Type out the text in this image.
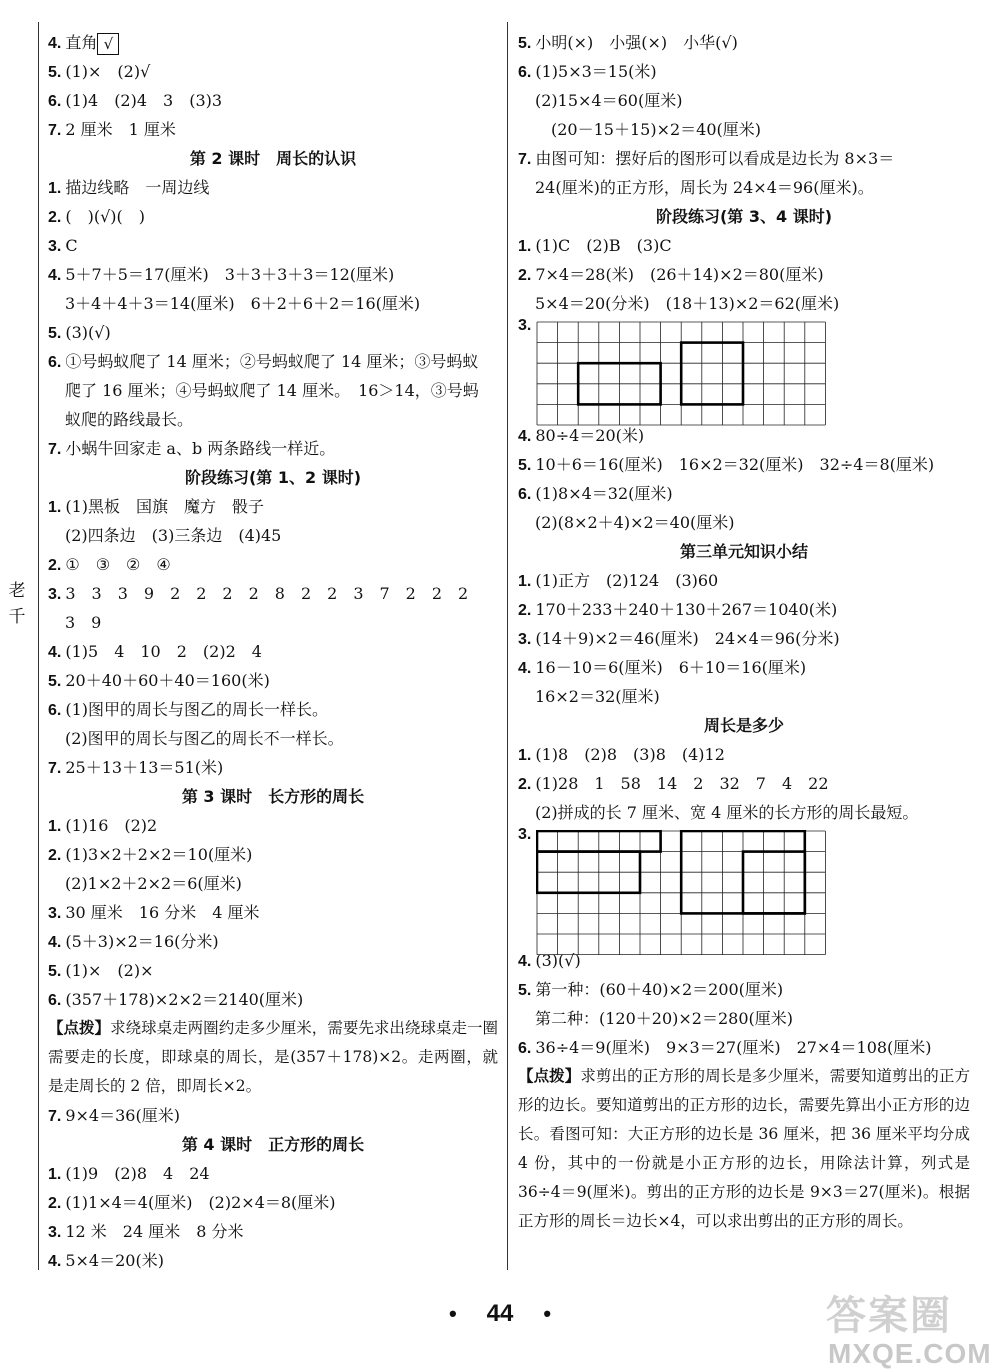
老千
4. 直角 √
5. (1)×　(2)√
6. (1)4　(2)4　3　(3)3
7. 2 厘米　1 厘米
第 2 课时　周长的认识
1. 描边线略　一周边线
2. (　)(√)(　)
3. C
4. 5＋7＋5＝17(厘米)　3＋3＋3＋3＝12(厘米)
3＋4＋4＋3＝14(厘米)　6＋2＋6＋2＝16(厘米)
5. (3)(√)
6. ①号蚂蚁爬了 14 厘米；②号蚂蚁爬了 14 厘米；③号蚂蚁
爬了 16 厘米；④号蚂蚁爬了 14 厘米。　16＞14，③号蚂
蚁爬的路线最长。
7. 小蜗牛回家走 a、b 两条路线一样近。
阶段练习(第 1、2 课时)
1. (1)黑板　国旗　魔方　骰子
(2)四条边　(3)三条边　(4)45
2. ①　③　②　④
3. 3　3　3　9　2　2　2　2　8　2　2　3　7　2　2　2
3　9
4. (1)5　4　10　2　(2)2　4
5. 20＋40＋60＋40＝160(米)
6. (1)图甲的周长与图乙的周长一样长。
(2)图甲的周长与图乙的周长不一样长。
7. 25＋13＋13＝51(米)
第 3 课时　长方形的周长
1. (1)16　(2)2
2. (1)3×2＋2×2＝10(厘米)
(2)1×2＋2×2＝6(厘米)
3. 30 厘米　16 分米　4 厘米
4. (5＋3)×2＝16(分米)
5. (1)×　(2)×
6. (357＋178)×2×2＝2140(厘米)
【点拨】求绕球桌走两圈约走多少厘米，需要先求出绕球桌走一圈需要走的长度，即球桌的周长，是(357＋178)×2。走两圈，就是走周长的 2 倍，即周长×2。
7. 9×4＝36(厘米)
第 4 课时　正方形的周长
1. (1)9　(2)8　4　24
2. (1)1×4＝4(厘米)　(2)2×4＝8(厘米)
3. 12 米　24 厘米　8 分米
4. 5×4＝20(米)
5. 小明(×)　小强(×)　小华(√)
6. (1)5×3＝15(米)
(2)15×4＝60(厘米)
　(20－15＋15)×2＝40(厘米)
7. 由图可知：摆好后的图形可以看成是边长为 8×3＝
24(厘米)的正方形，周长为 24×4＝96(厘米)。
阶段练习(第 3、4 课时)
1. (1)C　(2)B　(3)C
2. 7×4＝28(米)　(26＋14)×2＝80(厘米)
5×4＝20(分米)　(18＋13)×2＝62(厘米)
3.
4. 80÷4＝20(米)
5. 10＋6＝16(厘米)　16×2＝32(厘米)　32÷4＝8(厘米)
6. (1)8×4＝32(厘米)
(2)(8×2＋4)×2＝40(厘米)
第三单元知识小结
1. (1)正方　(2)124　(3)60
2. 170＋233＋240＋130＋267＝1040(米)
3. (14＋9)×2＝46(厘米)　24×4＝96(分米)
4. 16－10＝6(厘米)　6＋10＝16(厘米)
16×2＝32(厘米)
周长是多少
1. (1)8　(2)8　(3)8　(4)12
2. (1)28　1　58　14　2　32　7　4　22
(2)拼成的长 7 厘米、宽 4 厘米的长方形的周长最短。
3.
4. (3)(√)
5. 第一种：(60＋40)×2＝200(厘米)
第二种：(120＋20)×2＝280(厘米)
6. 36÷4＝9(厘米)　9×3＝27(厘米)　27×4＝108(厘米)
【点拨】求剪出的正方形的周长是多少厘米，需要知道剪出的正方形的边长。要知道剪出的正方形的边长，需要先算出小正方形的边长。看图可知：大正方形的边长是 36 厘米，把 36 厘米平均分成 4 份，其中的一份就是小正方形的边长，用除法计算，列式是 36÷4＝9(厘米)。剪出的正方形的边长是 9×3＝27(厘米)。根据正方形的周长＝边长×4，可以求出剪出的正方形的周长。
答案圈
MXQE.COM
• 44 •
